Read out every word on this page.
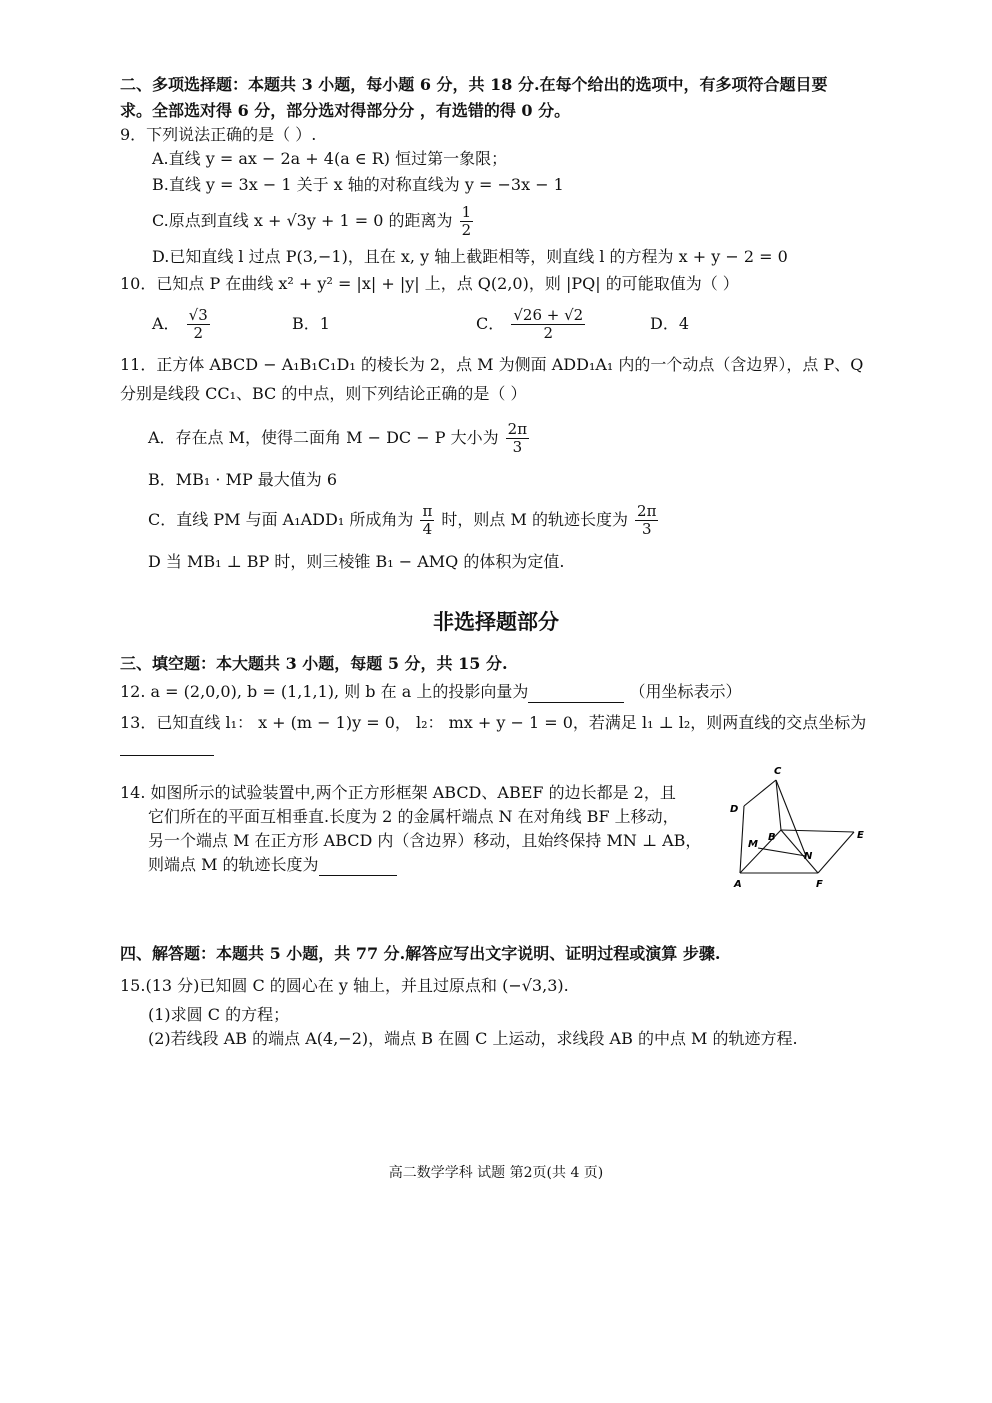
二、多项选择题：本题共 3 小题，每小题 6 分，共 18 分.在每个给出的选项中，有多项符合题目要
求。全部选对得 6 分，部分选对得部分分 ，有选错的得 0 分。
9．下列说法正确的是（ ）.
A.直线 y = ax − 2a + 4(a ∈ R) 恒过第一象限；
B.直线 y = 3x − 1 关于 x 轴的对称直线为 y = −3x − 1
C.原点到直线 x + √3y + 1 = 0 的距离为 $\frac{1}{2}$
D.已知直线 l 过点 P(3,−1)，且在 x, y 轴上截距相等，则直线 l 的方程为 x + y − 2 = 0
10．已知点 P 在曲线 x² + y² = |x| + |y| 上，点 Q(2,0)，则 |PQ| 的可能取值为（ ）
A． $\frac{√3}{2}$	B．1	C． $\frac{√26 + √2}{2}$	D．4
11．正方体 ABCD − A₁B₁C₁D₁ 的棱长为 2，点 M 为侧面 ADD₁A₁ 内的一个动点（含边界），点 P、Q
分别是线段 CC₁、BC 的中点，则下列结论正确的是（ ）
A．存在点 M，使得二面角 M − DC − P 大小为 $\frac{2\pi}{3}$
B．MB₁ · MP 最大值为 6
C．直线 PM 与面 A₁ADD₁ 所成角为 $\frac{\pi}{4}$ 时，则点 M 的轨迹长度为 $\frac{2\pi}{3}$
D 当 MB₁ ⊥ BP 时，则三棱锥 B₁ − AMQ 的体积为定值.
非选择题部分
三、填空题：本大题共 3 小题，每题 5 分，共 15 分.
12. a = (2,0,0), b = (1,1,1), 则 b 在 a 上的投影向量为	（用坐标表示）
13．已知直线 l₁： x + (m − 1)y = 0， l₂： mx + y − 1 = 0，若满足 l₁ ⊥ l₂，则两直线的交点坐标为
14. 如图所示的试验装置中,两个正方形框架 ABCD、ABEF 的边长都是 2，且
它们所在的平面互相垂直.长度为 2 的金属杆端点 N 在对角线 BF 上移动，
另一个端点 M 在正方形 ABCD 内（含边界）移动，且始终保持 MN ⊥ AB，
则端点 M 的轨迹长度为
C
D
B	E
M
N
A	F
四、解答题：本题共 5 小题，共 77 分.解答应写出文字说明、证明过程或演算 步骤.
15.(13 分)已知圆 C 的圆心在 y 轴上，并且过原点和 (−√3,3).
(1)求圆 C 的方程；
(2)若线段 AB 的端点 A(4,−2)，端点 B 在圆 C 上运动，求线段 AB 的中点 M 的轨迹方程.
高二数学学科 试题 第2页(共 4 页)
